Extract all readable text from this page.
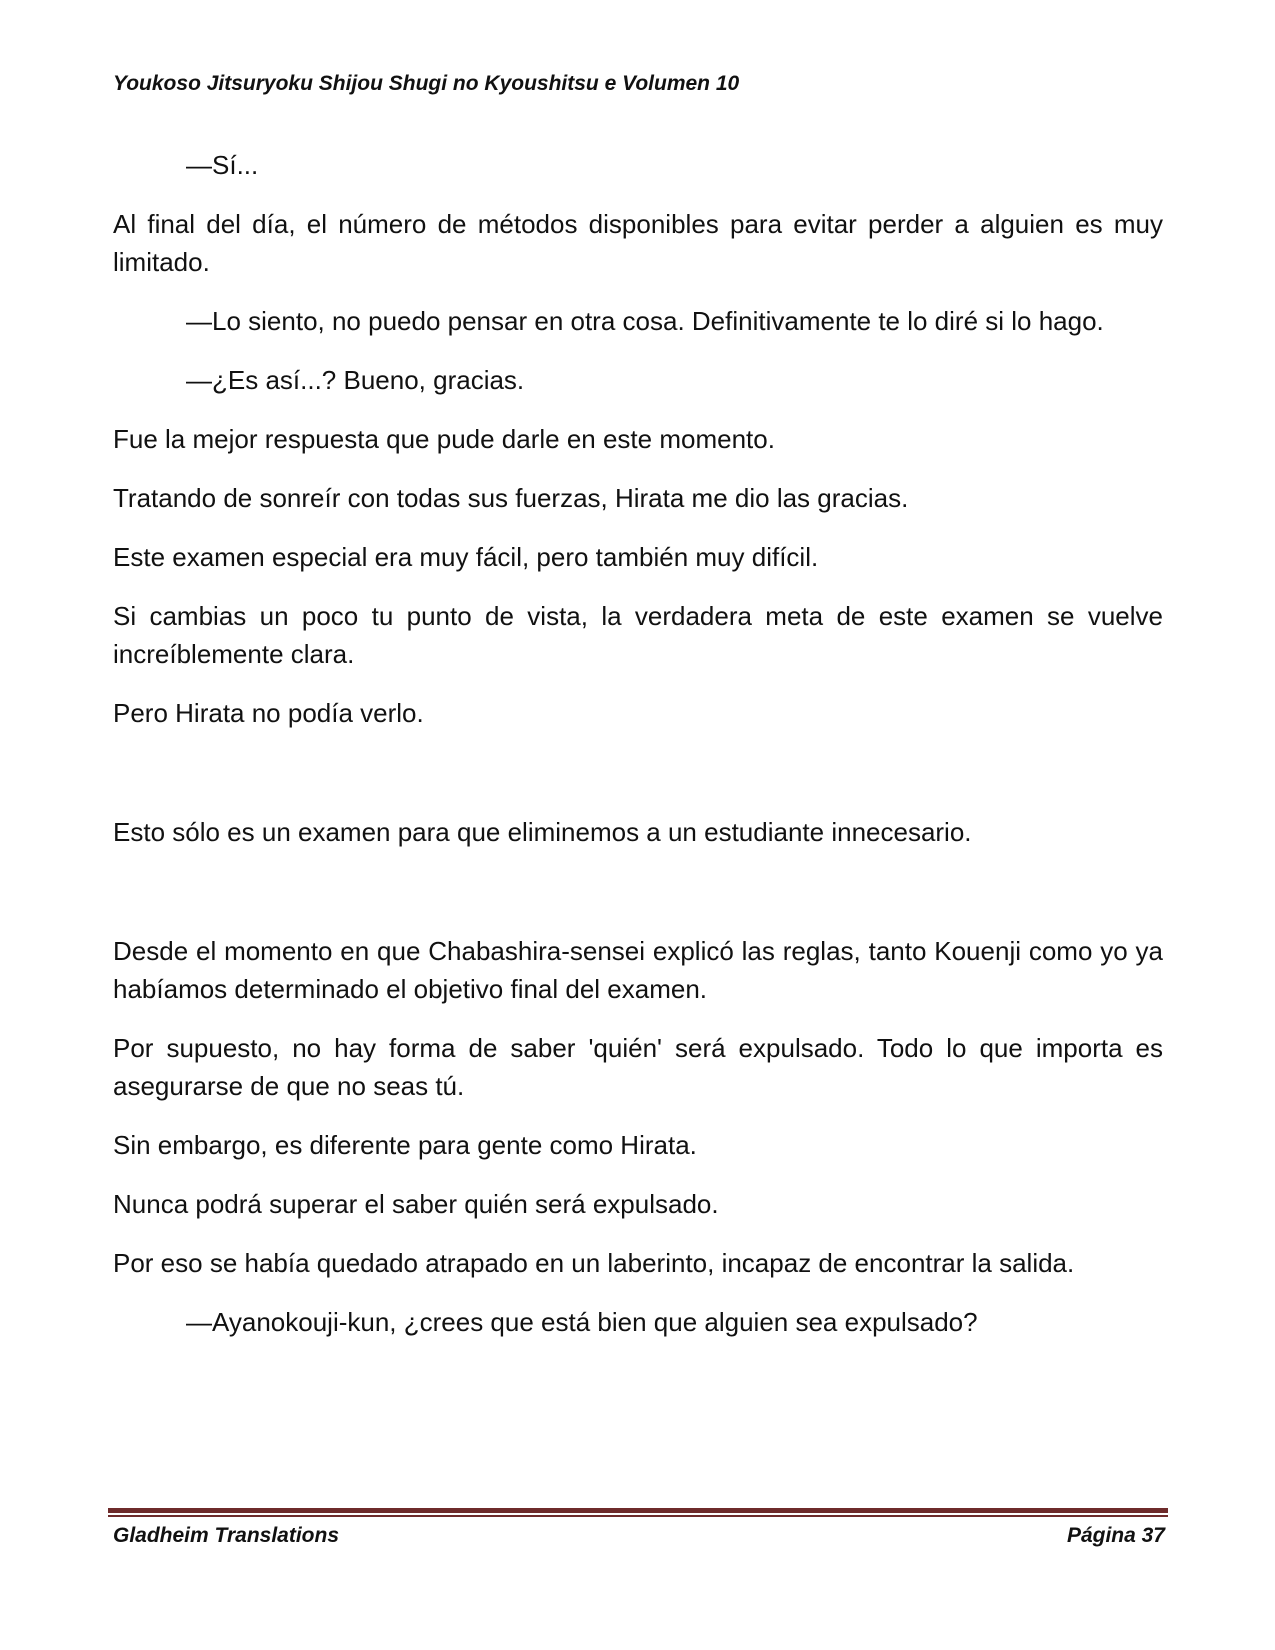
Youkoso Jitsuryoku Shijou Shugi no Kyoushitsu e Volumen 10

—Sí...

Al final del día, el número de métodos disponibles para evitar perder a alguien es muy limitado.

—Lo siento, no puedo pensar en otra cosa. Definitivamente te lo diré si lo hago.

—¿Es así...? Bueno, gracias.

Fue la mejor respuesta que pude darle en este momento.

Tratando de sonreír con todas sus fuerzas, Hirata me dio las gracias.

Este examen especial era muy fácil, pero también muy difícil.

Si cambias un poco tu punto de vista, la verdadera meta de este examen se vuelve increíblemente clara.

Pero Hirata no podía verlo.

Esto sólo es un examen para que eliminemos a un estudiante innecesario.

Desde el momento en que Chabashira-sensei explicó las reglas, tanto Kouenji como yo ya habíamos determinado el objetivo final del examen.

Por supuesto, no hay forma de saber 'quién' será expulsado. Todo lo que importa es asegurarse de que no seas tú.

Sin embargo, es diferente para gente como Hirata.

Nunca podrá superar el saber quién será expulsado.

Por eso se había quedado atrapado en un laberinto, incapaz de encontrar la salida.

—Ayanokouji-kun, ¿crees que está bien que alguien sea expulsado?

Gladheim Translations	Página 37
